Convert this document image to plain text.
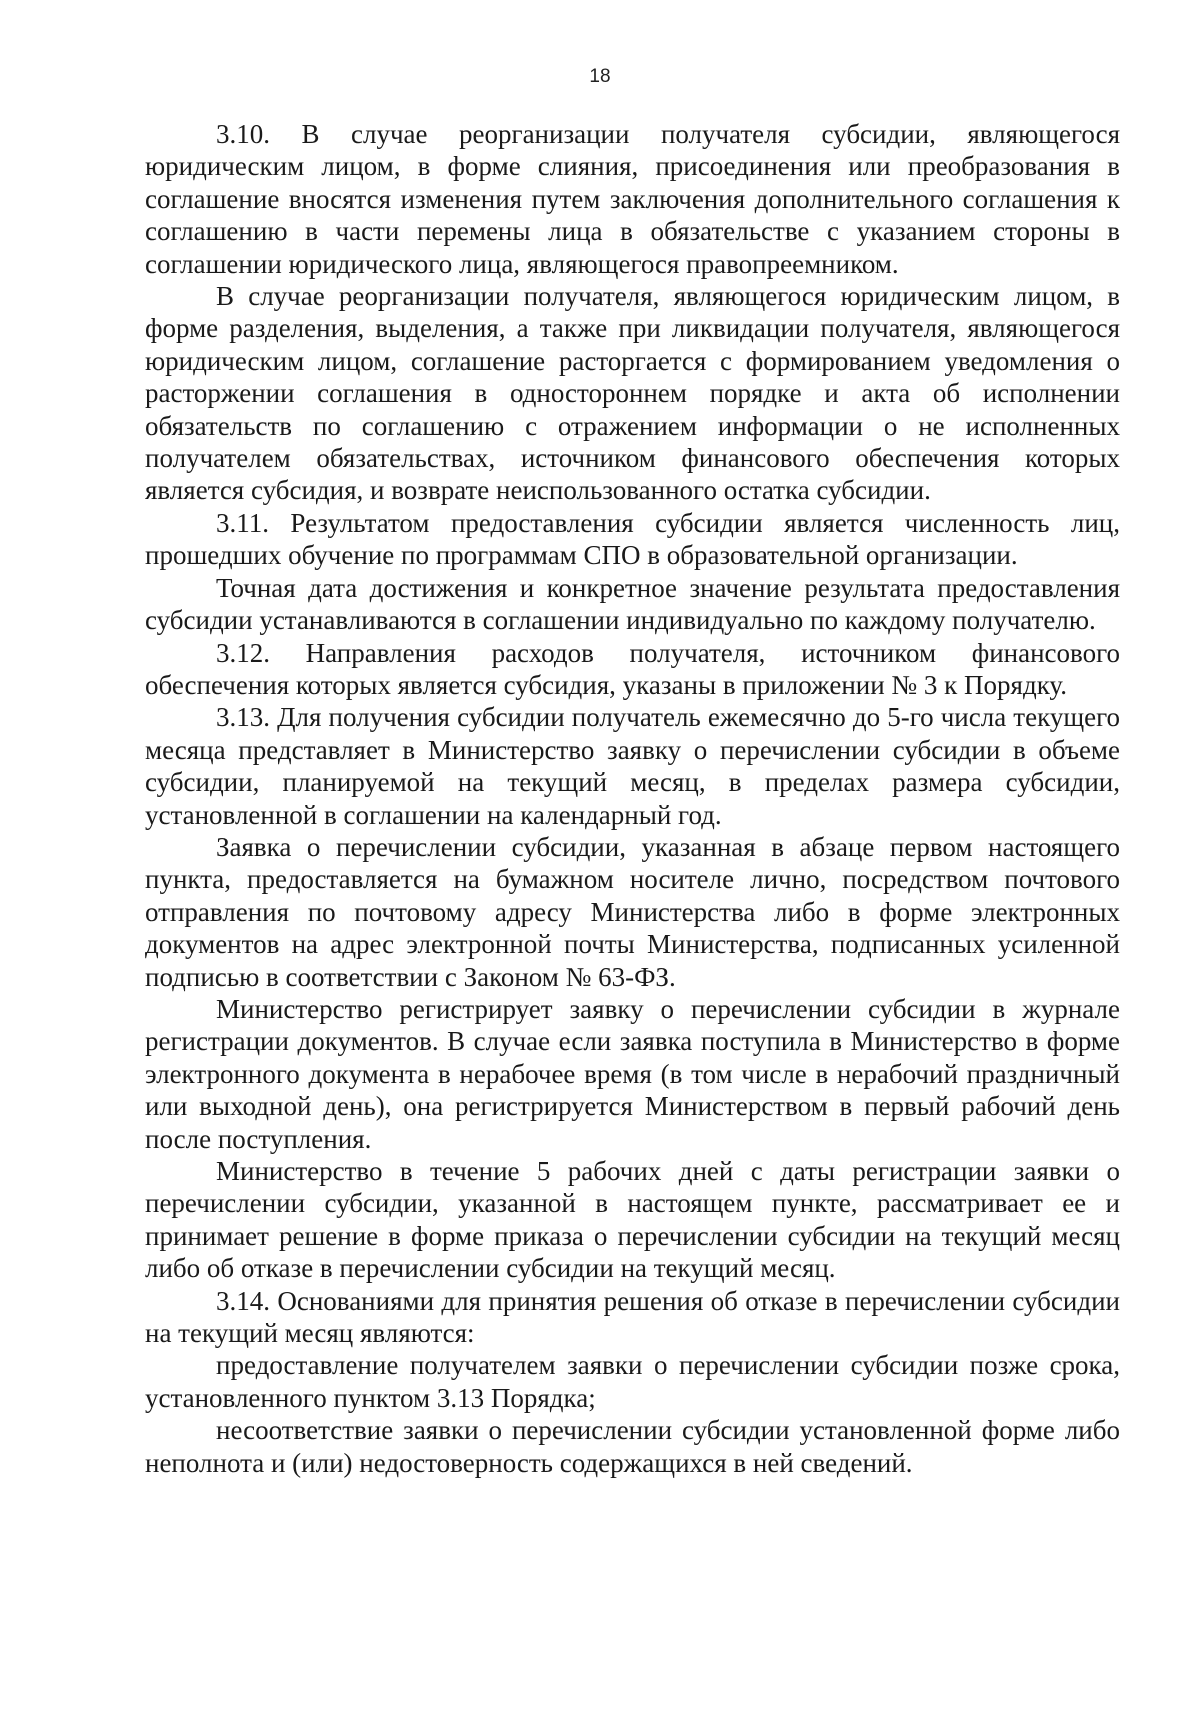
18

3.10. В случае реорганизации получателя субсидии, являющегося юридическим лицом, в форме слияния, присоединения или преобразования в соглашение вносятся изменения путем заключения дополнительного соглашения к соглашению в части перемены лица в обязательстве с указанием стороны в соглашении юридического лица, являющегося правопреемником.

В случае реорганизации получателя, являющегося юридическим лицом, в форме разделения, выделения, а также при ликвидации получателя, являющегося юридическим лицом, соглашение расторгается с формированием уведомления о расторжении соглашения в одностороннем порядке и акта об исполнении обязательств по соглашению с отражением информации о не исполненных получателем обязательствах, источником финансового обеспечения которых является субсидия, и возврате неиспользованного остатка субсидии.

3.11. Результатом предоставления субсидии является численность лиц, прошедших обучение по программам СПО в образовательной организации.

Точная дата достижения и конкретное значение результата предоставления субсидии устанавливаются в соглашении индивидуально по каждому получателю.

3.12. Направления расходов получателя, источником финансового обеспечения которых является субсидия, указаны в приложении № 3 к Порядку.

3.13. Для получения субсидии получатель ежемесячно до 5-го числа текущего месяца представляет в Министерство заявку о перечислении субсидии в объеме субсидии, планируемой на текущий месяц, в пределах размера субсидии, установленной в соглашении на календарный год.

Заявка о перечислении субсидии, указанная в абзаце первом настоящего пункта, предоставляется на бумажном носителе лично, посредством почтового отправления по почтовому адресу Министерства либо в форме электронных документов на адрес электронной почты Министерства, подписанных усиленной подписью в соответствии с Законом № 63-ФЗ.

Министерство регистрирует заявку о перечислении субсидии в журнале регистрации документов. В случае если заявка поступила в Министерство в форме электронного документа в нерабочее время (в том числе в нерабочий праздничный или выходной день), она регистрируется Министерством в первый рабочий день после поступления.

Министерство в течение 5 рабочих дней с даты регистрации заявки о перечислении субсидии, указанной в настоящем пункте, рассматривает ее и принимает решение в форме приказа о перечислении субсидии на текущий месяц либо об отказе в перечислении субсидии на текущий месяц.

3.14. Основаниями для принятия решения об отказе в перечислении субсидии на текущий месяц являются:

предоставление получателем заявки о перечислении субсидии позже срока, установленного пунктом 3.13 Порядка;

несоответствие заявки о перечислении субсидии установленной форме либо неполнота и (или) недостоверность содержащихся в ней сведений.
